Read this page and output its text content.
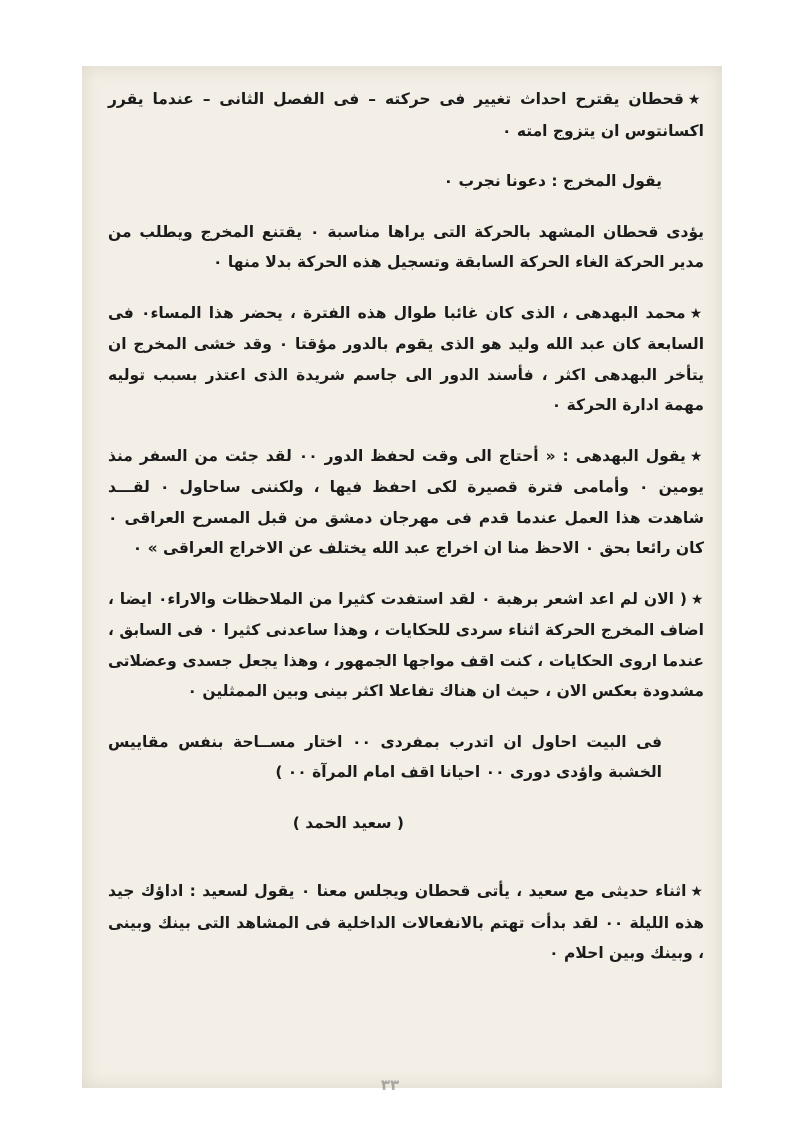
★قحطان يقترح احداث تغيير فى حركته – فى الفصل الثانى – عندما يقرر اكسانتوس ان يتزوج امته ٠

يقول المخرج : دعونا نجرب ٠

يؤدى قحطان المشهد بالحركة التى يراها مناسبة ٠ يقتنع المخرج ويطلب من مدير الحركة الغاء الحركة السابقة وتسجيل هذه الحركة بدلا منها ٠

★محمد البهدهى ، الذى كان غائبا طوال هذه الفترة ، يحضر هذا المساء٠ فى السابعة كان عبد الله وليد هو الذى يقوم بالدور مؤقتا ٠ وقد خشى المخرج ان يتأخر البهدهى اكثر ، فأسند الدور الى جاسم شريدة الذى اعتذر بسبب توليه مهمة ادارة الحركة ٠

★يقول البهدهى : « أحتاج الى وقت لحفظ الدور ٠٠ لقد جئت من السفر منذ يومين ٠ وأمامى فترة قصيرة لكى احفظ فيها ، ولكننى ساحاول ٠ لقـــد شاهدت هذا العمل عندما قدم فى مهرجان دمشق من قبل المسرح العراقى ٠ كان رائعا بحق ٠ الاحظ منا ان اخراج عبد الله يختلف عن الاخراج العراقى » ٠

★( الان لم اعد اشعر برهبة ٠ لقد استفدت كثيرا من الملاحظات والاراء٠ ايضا ، اضاف المخرج الحركة اثناء سردى للحكايات ، وهذا ساعدنى كثيرا ٠ فى السابق ، عندما اروى الحكايات ، كنت اقف مواجها الجمهور ، وهذا يجعل جسدى وعضلاتى مشدودة بعكس الان ، حيث ان هناك تفاعلا اكثر بينى وبين الممثلين ٠

فى البيت احاول ان اتدرب بمفردى ٠٠ اختار مســاحة بنفس مقاييس الخشبة واؤدى دورى ٠٠ احيانا اقف امام المرآة ٠٠ )

( سعيد الحمد )

★اثناء حديثى مع سعيد ، يأتى قحطان ويجلس معنا ٠ يقول لسعيد : اداؤك جيد هذه الليلة ٠٠ لقد بدأت تهتم بالانفعالات الداخلية فى المشاهد التى بينك وبينى ، وبينك وبين احلام ٠

٣٣
